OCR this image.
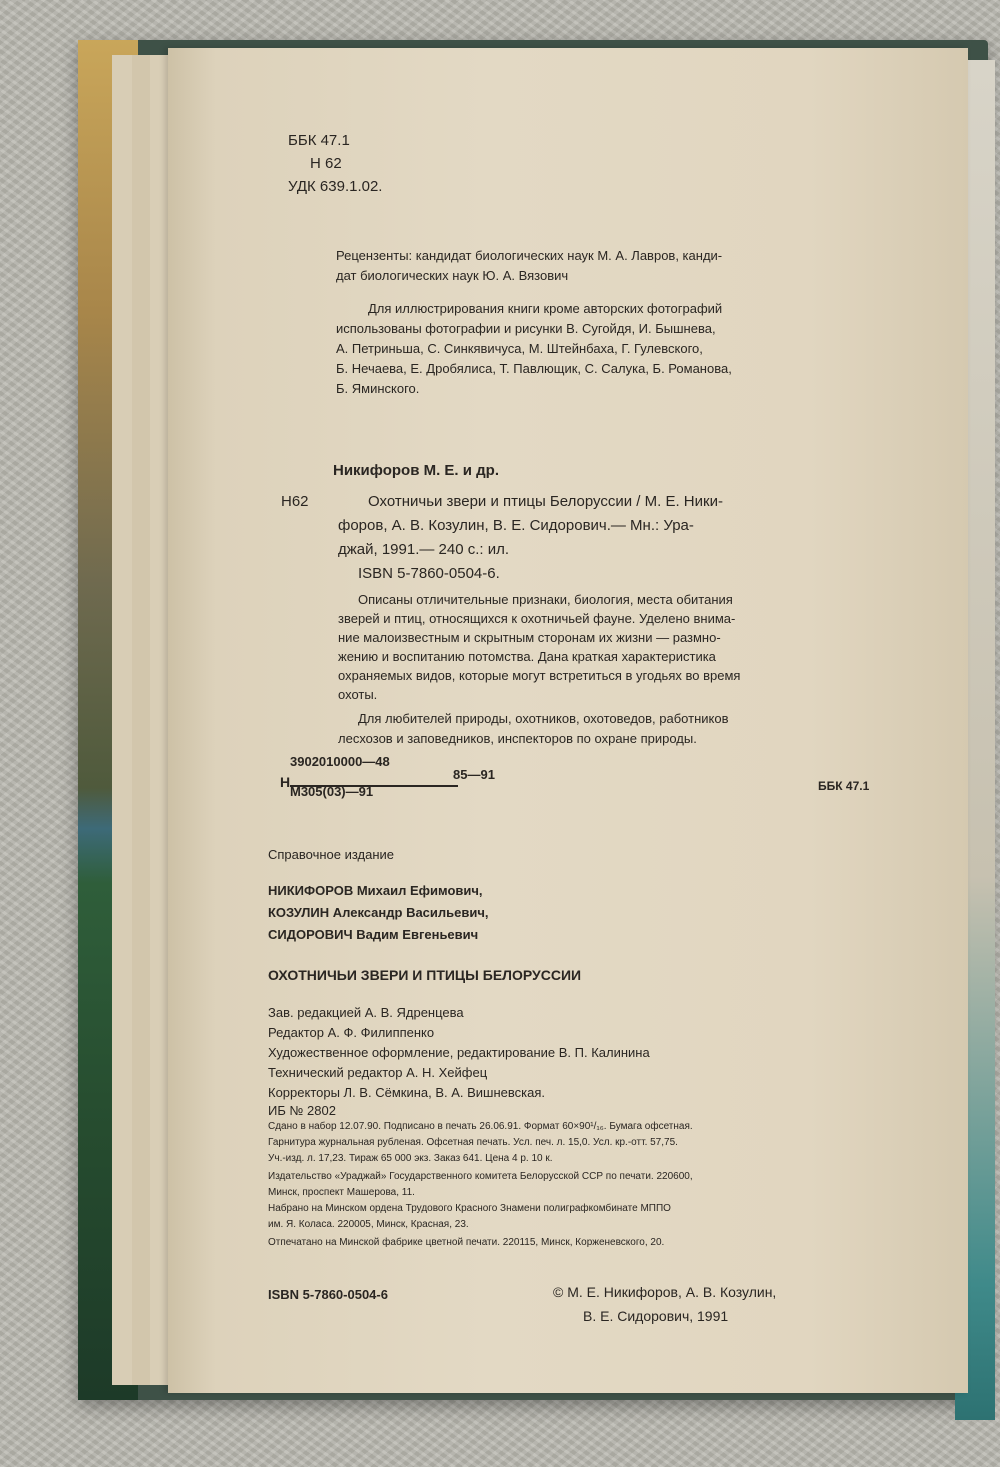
ББК 47.1
Н 62
УДК 639.1.02.
Рецензенты: кандидат биологических наук М. А. Лавров, канди-
дат биологических наук Ю. А. Вязович
Для иллюстрирования книги кроме авторских фотографий
использованы фотографии и рисунки В. Сугойдя, И. Бышнева,
А. Петриньша, С. Синкявичуса, М. Штейнбаха, Г. Гулевского,
Б. Нечаева, Е. Дробялиса, Т. Павлющик, С. Салука, Б. Романова,
Б. Яминского.
Никифоров М. Е. и др.
Н62	Охотничьи звери и птицы Белоруссии / М. Е. Ники-
форов, А. В. Козулин, В. Е. Сидорович.— Мн.: Ура-
джай, 1991.— 240 с.: ил.
ISBN 5-7860-0504-6.
Описаны отличительные признаки, биология, места обитания
зверей и птиц, относящихся к охотничьей фауне. Уделено внима-
ние малоизвестным и скрытным сторонам их жизни — размно-
жению и воспитанию потомства. Дана краткая характеристика
охраняемых видов, которые могут встретиться в угодьях во время
охоты.
Для любителей природы, охотников, охотоведов, работников
лесхозов и заповедников, инспекторов по охране природы.
Н
3902010000—48
М305(03)—91
85—91
ББК 47.1
Справочное издание
НИКИФОРОВ Михаил Ефимович,
КОЗУЛИН Александр Васильевич,
СИДОРОВИЧ Вадим Евгеньевич
ОХОТНИЧЬИ ЗВЕРИ И ПТИЦЫ БЕЛОРУССИИ
Зав. редакцией А. В. Ядренцева
Редактор А. Ф. Филиппенко
Художественное оформление, редактирование В. П. Калинина
Технический редактор А. Н. Хейфец
Корректоры Л. В. Сёмкина, В. А. Вишневская.
ИБ № 2802
Сдано в набор 12.07.90. Подписано в печать 26.06.91. Формат 60×90¹/₁₆. Бумага офсетная.
Гарнитура журнальная рубленая. Офсетная печать. Усл. печ. л. 15,0. Усл. кр.-отт. 57,75.
Уч.-изд. л. 17,23. Тираж 65 000 экз. Заказ 641. Цена 4 р. 10 к.
Издательство «Ураджай» Государственного комитета Белорусской ССР по печати. 220600,
Минск, проспект Машерова, 11.
Набрано на Минском ордена Трудового Красного Знамени полиграфкомбинате МППО
им. Я. Коласа. 220005, Минск, Красная, 23.
Отпечатано на Минской фабрике цветной печати. 220115, Минск, Корженевского, 20.
ISBN 5-7860-0504-6	© М. Е. Никифоров, А. В. Козулин,
В. Е. Сидорович, 1991
